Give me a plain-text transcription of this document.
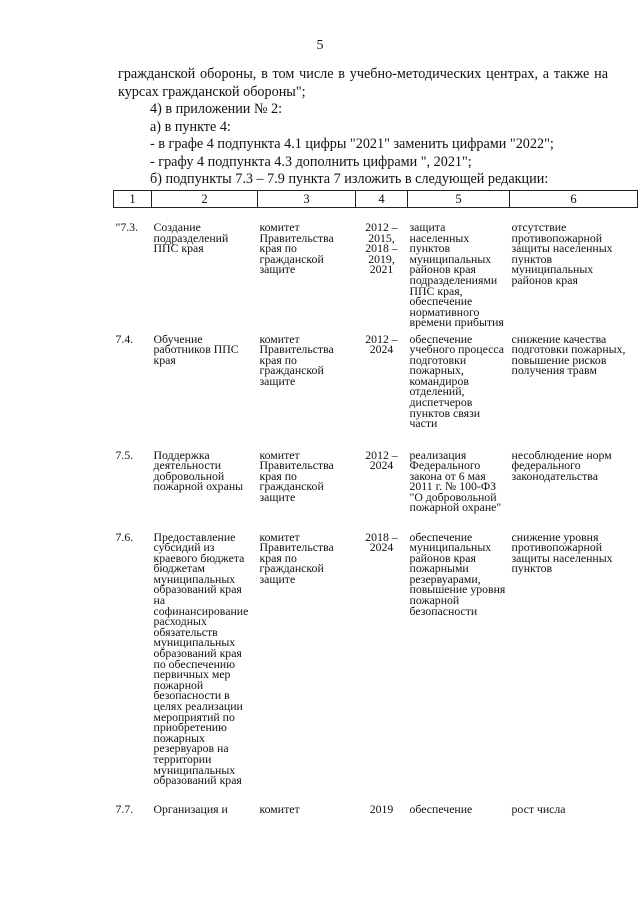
5

гражданской обороны, в том числе в учебно-методических центрах, а также на курсах гражданской обороны";

4) в приложении № 2:

а) в пункте 4:

- в графе 4 подпункта 4.1 цифры "2021" заменить цифрами "2022";

- графу 4 подпункта 4.3 дополнить цифрами ", 2021";

б) подпункты 7.3 – 7.9 пункта 7 изложить в следующей редакции:

1	2	3	4	5	6
"7.3.	Создание подразделений ППС края	комитет Правительства края по гражданской защите	2012 – 2015, 2018 – 2019, 2021	защита населенных пунктов муниципальных районов края подразделениями ППС края, обеспечение нормативного времени прибытия	отсутствие противопожарной защиты населенных пунктов муниципальных районов края
7.4.	Обучение работников ППС края	комитет Правительства края по гражданской защите	2012 – 2024	обеспечение учебного процесса подготовки пожарных, командиров отделений, диспетчеров пунктов связи части	снижение качества подготовки пожарных, повышение рисков получения травм
7.5.	Поддержка деятельности добровольной пожарной охраны	комитет Правительства края по гражданской защите	2012 – 2024	реализация Федерального закона от 6 мая 2011 г. № 100-ФЗ "О добровольной пожарной охране"	несоблюдение норм федерального законодательства
7.6.	Предоставление субсидий из краевого бюджета бюджетам муниципальных образований края на софинансирование расходных обязательств муниципальных образований края по обеспечению первичных мер пожарной безопасности в целях реализации мероприятий по приобретению пожарных резервуаров на территории муниципальных образований края	комитет Правительства края по гражданской защите	2018 – 2024	обеспечение муниципальных районов края пожарными резервуарами, повышение уровня пожарной безопасности	снижение уровня противопожарной защиты населенных пунктов
7.7.	Организация и	комитет	2019	обеспечение	рост числа
